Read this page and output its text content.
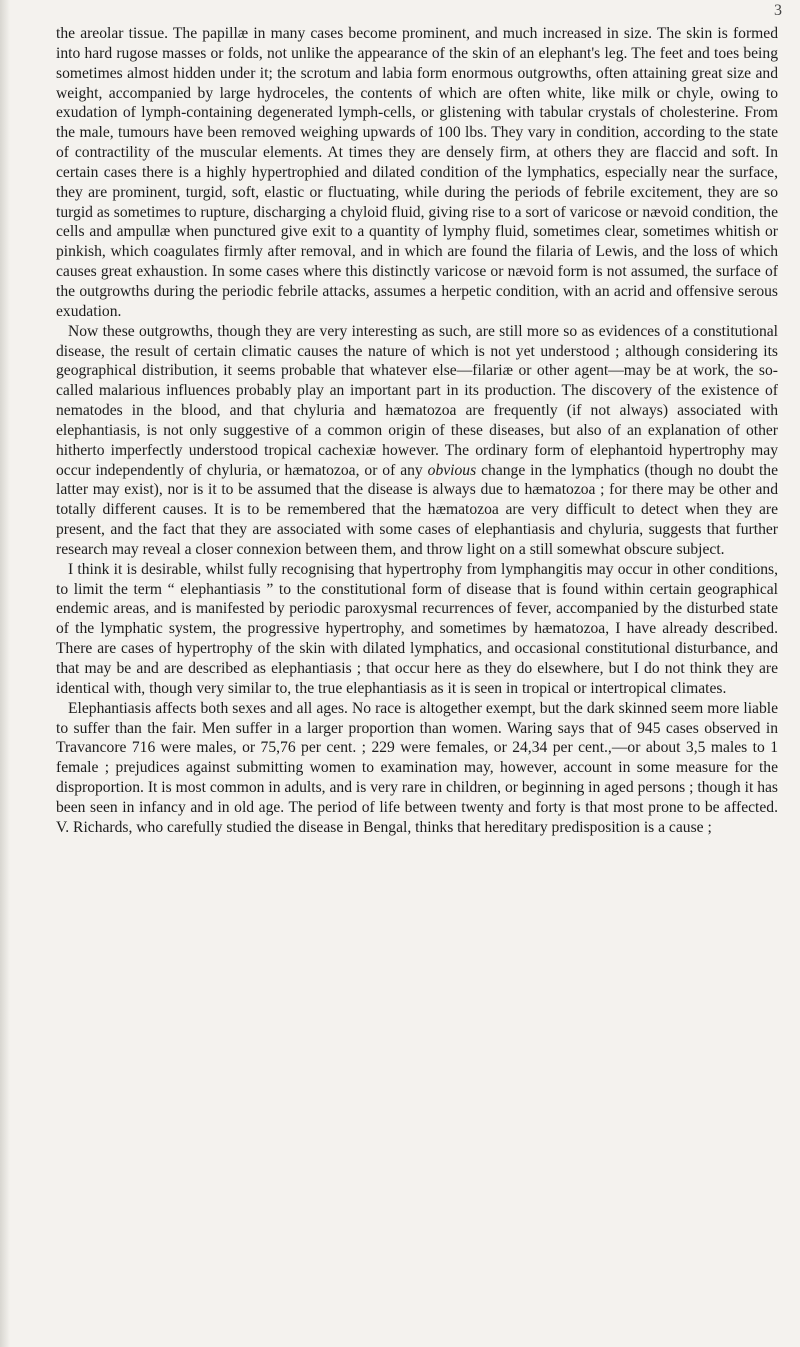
3

the areolar tissue. The papillæ in many cases become prominent, and much increased in size. The skin is formed into hard rugose masses or folds, not unlike the appearance of the skin of an elephant's leg. The feet and toes being sometimes almost hidden under it; the scrotum and labia form enormous outgrowths, often attaining great size and weight, accompanied by large hydroceles, the contents of which are often white, like milk or chyle, owing to exudation of lymph-containing degenerated lymph-cells, or glistening with tabular crystals of cholesterine. From the male, tumours have been removed weighing upwards of 100 lbs. They vary in condition, according to the state of contractility of the muscular elements. At times they are densely firm, at others they are flaccid and soft. In certain cases there is a highly hypertrophied and dilated condition of the lymphatics, especially near the surface, they are prominent, turgid, soft, elastic or fluctuating, while during the periods of febrile excitement, they are so turgid as sometimes to rupture, discharging a chyloid fluid, giving rise to a sort of varicose or nævoid condition, the cells and ampullæ when punctured give exit to a quantity of lymphy fluid, sometimes clear, sometimes whitish or pinkish, which coagulates firmly after removal, and in which are found the filaria of Lewis, and the loss of which causes great exhaustion. In some cases where this distinctly varicose or nævoid form is not assumed, the surface of the outgrowths during the periodic febrile attacks, assumes a herpetic condition, with an acrid and offensive serous exudation.

Now these outgrowths, though they are very interesting as such, are still more so as evidences of a constitutional disease, the result of certain climatic causes the nature of which is not yet understood ; although considering its geographical distribution, it seems probable that whatever else—filariæ or other agent—may be at work, the so-called malarious influences probably play an important part in its production. The discovery of the existence of nematodes in the blood, and that chyluria and hæmatozoa are frequently (if not always) associated with elephantiasis, is not only suggestive of a common origin of these diseases, but also of an explanation of other hitherto imperfectly understood tropical cachexiæ however. The ordinary form of elephantoid hypertrophy may occur independently of chyluria, or hæmatozoa, or of any obvious change in the lymphatics (though no doubt the latter may exist), nor is it to be assumed that the disease is always due to hæmatozoa ; for there may be other and totally different causes. It is to be remembered that the hæmatozoa are very difficult to detect when they are present, and the fact that they are associated with some cases of elephantiasis and chyluria, suggests that further research may reveal a closer connexion between them, and throw light on a still somewhat obscure subject.

I think it is desirable, whilst fully recognising that hypertrophy from lymphangitis may occur in other conditions, to limit the term “ elephantiasis ” to the constitutional form of disease that is found within certain geographical endemic areas, and is manifested by periodic paroxysmal recurrences of fever, accompanied by the disturbed state of the lymphatic system, the progressive hypertrophy, and sometimes by hæmatozoa, I have already described. There are cases of hypertrophy of the skin with dilated lymphatics, and occasional constitutional disturbance, and that may be and are described as elephantiasis ; that occur here as they do elsewhere, but I do not think they are identical with, though very similar to, the true elephantiasis as it is seen in tropical or intertropical climates.

Elephantiasis affects both sexes and all ages. No race is altogether exempt, but the dark skinned seem more liable to suffer than the fair. Men suffer in a larger proportion than women. Waring says that of 945 cases observed in Travancore 716 were males, or 75,76 per cent. ; 229 were females, or 24,34 per cent.,—or about 3,5 males to 1 female ; prejudices against submitting women to examination may, however, account in some measure for the disproportion. It is most common in adults, and is very rare in children, or beginning in aged persons ; though it has been seen in infancy and in old age. The period of life between twenty and forty is that most prone to be affected. V. Richards, who carefully studied the disease in Bengal, thinks that hereditary predisposition is a cause ;
